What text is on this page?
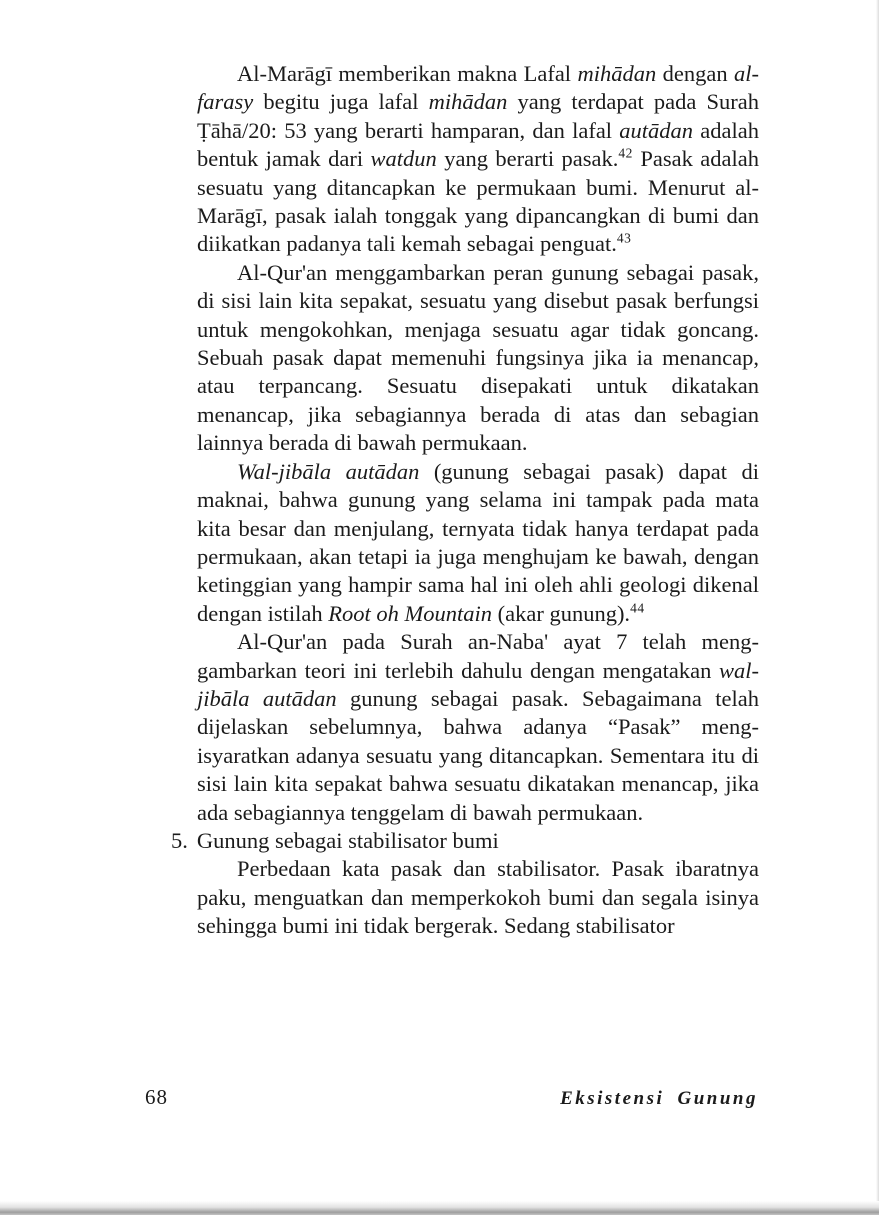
Al-Marāgī memberikan makna Lafal mihādan dengan al-farasy begitu juga lafal mihādan yang terdapat pada Surah Ṭāhā/20: 53 yang berarti hamparan, dan lafal autādan adalah bentuk jamak dari watdun yang berarti pasak.$^{42}$ Pasak adalah sesuatu yang ditancapkan ke permukaan bumi. Menurut al-Marāgī, pasak ialah tonggak yang dipancangkan di bumi dan diikatkan padanya tali kemah sebagai penguat.$^{43}$

Al-Qur'an menggambarkan peran gunung sebagai pasak, di sisi lain kita sepakat, sesuatu yang disebut pasak berfungsi untuk mengokohkan, menjaga sesuatu agar tidak goncang. Sebuah pasak dapat memenuhi fungsinya jika ia menancap, atau terpancang. Sesuatu disepakati untuk dikatakan menancap, jika sebagiannya berada di atas dan sebagian lainnya berada di bawah permukaan.

Wal-jibāla autādan (gunung sebagai pasak) dapat di maknai, bahwa gunung yang selama ini tampak pada mata kita besar dan menjulang, ternyata tidak hanya terdapat pada permukaan, akan tetapi ia juga menghujam ke bawah, dengan ketinggian yang hampir sama hal ini oleh ahli geologi dikenal dengan istilah Root oh Mountain (akar gunung).$^{44}$

Al-Qur'an pada Surah an-Naba' ayat 7 telah menggambarkan teori ini terlebih dahulu dengan mengatakan wal-jibāla autādan gunung sebagai pasak. Sebagaimana telah dijelaskan sebelumnya, bahwa adanya “Pasak” mengisyaratkan adanya sesuatu yang ditancapkan. Sementara itu di sisi lain kita sepakat bahwa sesuatu dikatakan menancap, jika ada sebagiannya tenggelam di bawah permukaan.

5. Gunung sebagai stabilisator bumi

Perbedaan kata pasak dan stabilisator. Pasak ibaratnya paku, menguatkan dan memperkokoh bumi dan segala isinya sehingga bumi ini tidak bergerak. Sedang stabilisator

68	Eksistensi Gunung
